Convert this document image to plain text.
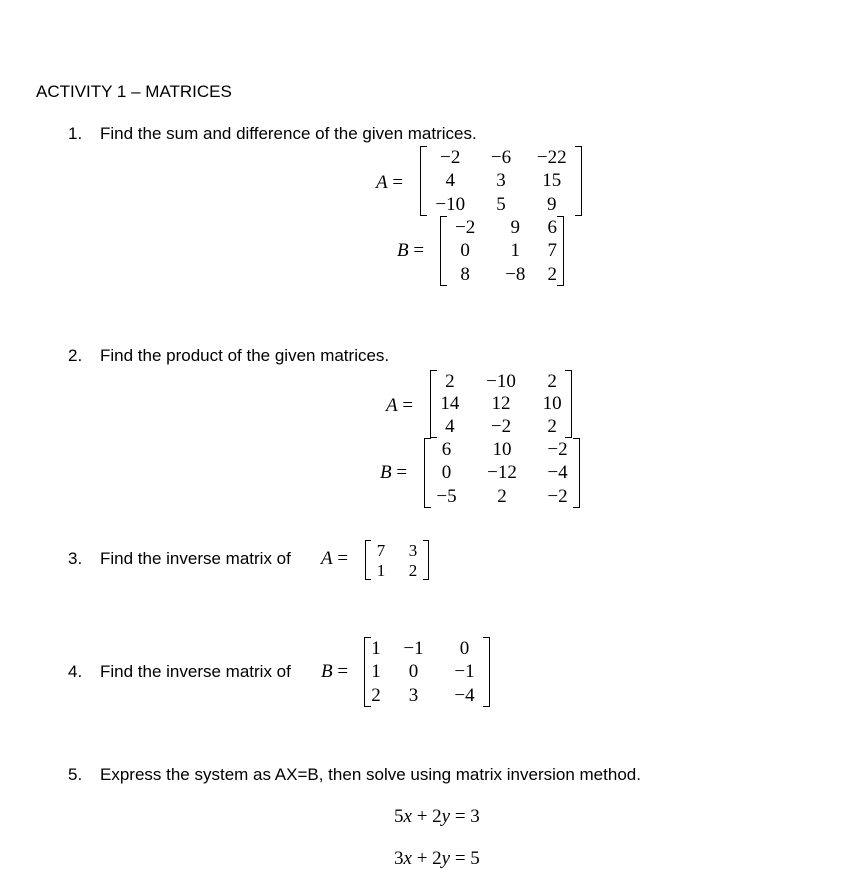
ACTIVITY 1 – MATRICES
1. Find the sum and difference of the given matrices.
A =
−2	−6	−22
4	3	15
−10	5	9
B =
−2	9	6
0	1	7
8	−8	2
2. Find the product of the given matrices.
A =
2	−10	2
14	12	10
4	−2	2
B =
6	10	−2
0	−12	−4
−5	2	−2
3. Find the inverse matrix of A = 7	3
1	2
4. Find the inverse matrix of B =
1	−1	0
1	0	−1
2	3	−4
5. Express the system as AX=B, then solve using matrix inversion method.
5x + 2y = 3
3x + 2y = 5
